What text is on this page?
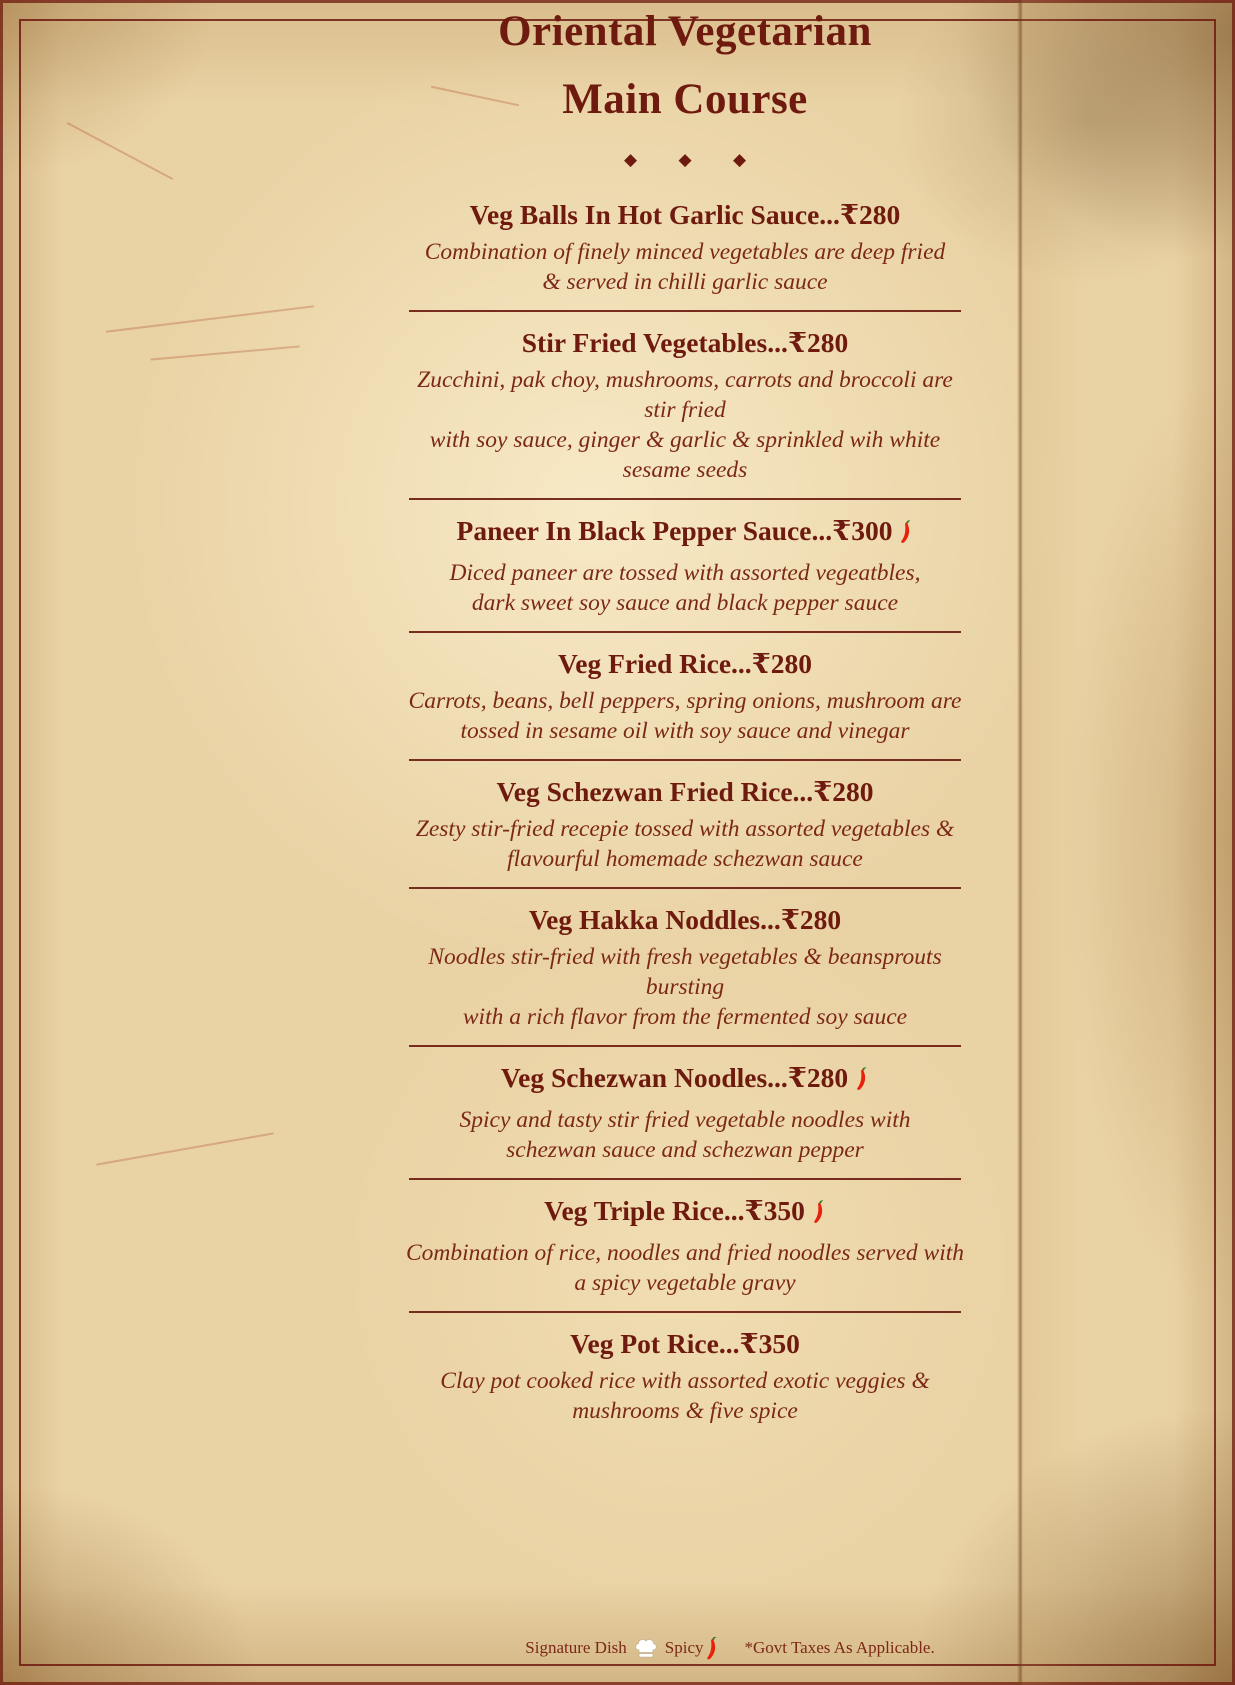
Oriental Vegetarian
Main Course
◆ ◆ ◆
Veg Balls In Hot Garlic Sauce...₹280
Combination of finely minced vegetables are deep fried
& served in chilli garlic sauce
Stir Fried Vegetables...₹280
Zucchini, pak choy, mushrooms, carrots and broccoli are stir fried
with soy sauce, ginger & garlic & sprinkled wih white sesame seeds
Paneer In Black Pepper Sauce...₹300
Diced paneer are tossed with assorted vegeatbles,
dark sweet soy sauce and black pepper sauce
Veg Fried Rice...₹280
Carrots, beans, bell peppers, spring onions, mushroom are
tossed in sesame oil with soy sauce and vinegar
Veg Schezwan Fried Rice...₹280
Zesty stir-fried recepie tossed with assorted vegetables &
flavourful homemade schezwan sauce
Veg Hakka Noddles...₹280
Noodles stir-fried with fresh vegetables & beansprouts bursting
with a rich flavor from the fermented soy sauce
Veg Schezwan Noodles...₹280
Spicy and tasty stir fried vegetable noodles with
schezwan sauce and schezwan pepper
Veg Triple Rice...₹350
Combination of rice, noodles and fried noodles served with
a spicy vegetable gravy
Veg Pot Rice...₹350
Clay pot cooked rice with assorted exotic veggies &
mushrooms & five spice
Signature Dish Spicy *Govt Taxes As Applicable.
